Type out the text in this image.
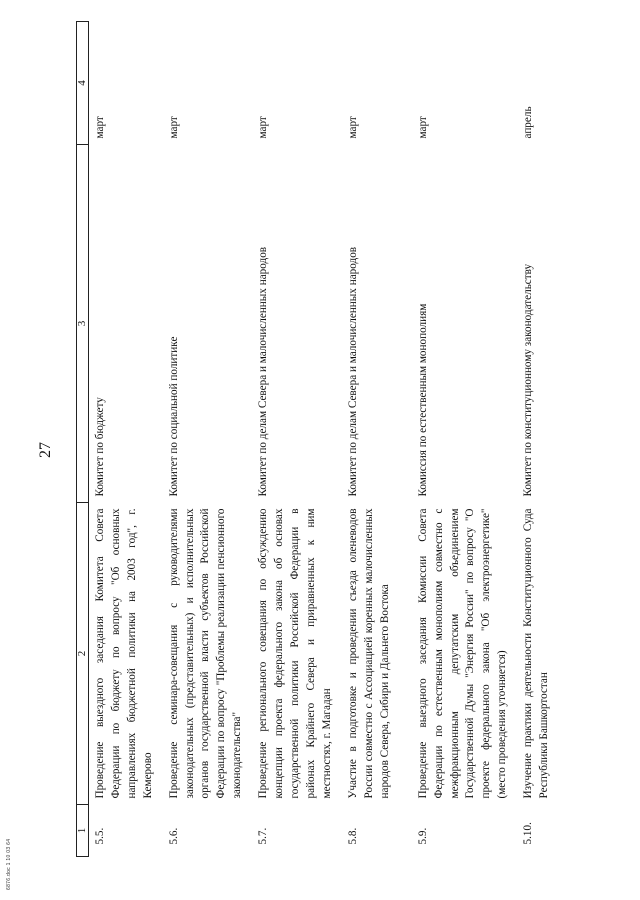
6876.doc 1 10 03 64
27
1	2	3	4
5.5.	Проведение выездного заседания Комитета Совета Федерации по бюджету по вопросу "Об основных направлениях бюджетной политики на 2003 год", г. Кемерово	Комитет по бюджету	март
5.6.	Проведение семинара-совещания с руководителями законодательных (представительных) и исполнительных органов государственной власти субъектов Российской Федерации по вопросу "Проблемы реализации пенсионного законодательства"	Комитет по социальной политике	март
5.7.	Проведение регионального совещания по обсуждению концепции проекта федерального закона об основах государственной политики Российской Федерации в районах Крайнего Севера и приравненных к ним местностях, г. Магадан	Комитет по делам Севера и малочисленных народов	март
5.8.	Участие в подготовке и проведении съезда оленеводов России совместно с Ассоциацией коренных малочисленных народов Севера, Сибири и Дальнего Востока	Комитет по делам Севера и малочисленных народов	март
5.9.	Проведение выездного заседания Комиссии Совета Федерации по естественным монополиям совместно с межфракционным депутатским объединением Государственной Думы "Энергия России" по вопросу "О проекте федерального закона "Об электроэнергетике" (место проведения уточняется)	Комиссия по естественным монополиям	март
5.10.	Изучение практики деятельности Конституционного Суда Республики Башкортостан	Комитет по конституционному законодательству	апрель
